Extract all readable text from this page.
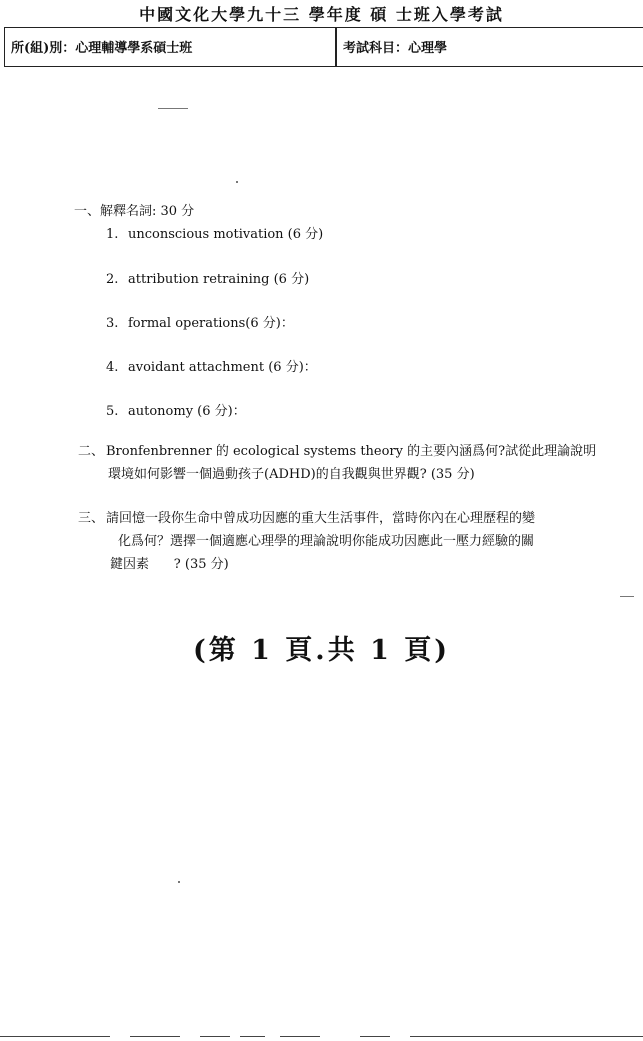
中國文化大學九十三 學年度 碩 士班入學考試
所(組)別：心理輔導學系碩士班	考試科目：心理學
一、解釋名詞: 30 分
1. unconscious motivation (6 分)
2. attribution retraining (6 分)
3. formal operations(6 分)：
4. avoidant attachment (6 分)：
5. autonomy (6 分)：
二、 Bronfenbrenner 的 ecological systems theory 的主要內涵爲何?試從此理論說明
環境如何影響一個過動孩子(ADHD)的自我觀與世界觀? (35 分)
三、 請回憶一段你生命中曾成功因應的重大生活事件，當時你內在心理歷程的變
化爲何？選擇一個適應心理學的理論說明你能成功因應此一壓力經驗的關
鍵因素      ? (35 分)
(第 1 頁.共 1 頁)
